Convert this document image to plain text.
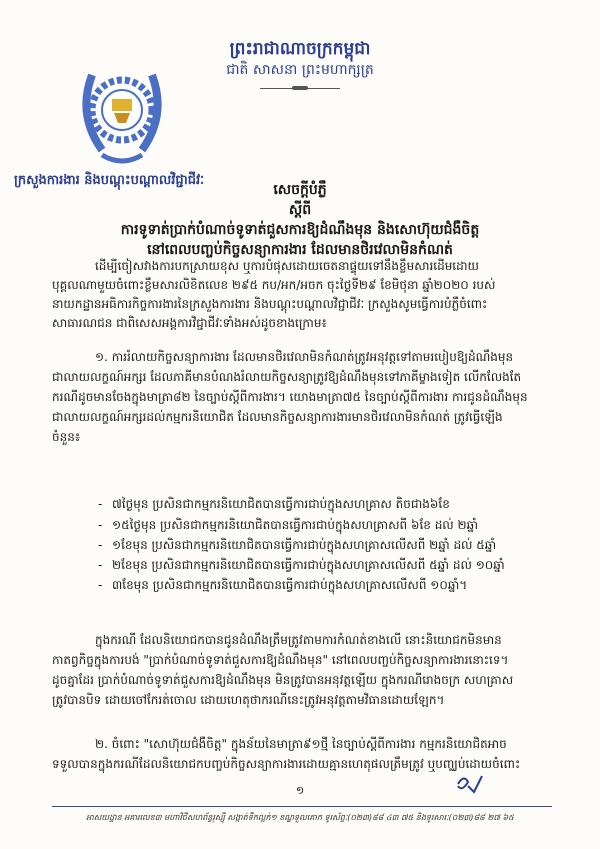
ព្រះរាជាណាចក្រកម្ពុជា
ជាតិ សាសនា ព្រះមហាក្សត្រ
ក្រសួងការងារ និងបណ្តុះបណ្តាលវិជ្ជាជីវៈ
សេចក្តីបំភ្លឺ
ស្តីពី
ការទូទាត់ប្រាក់បំណាច់ទូទាត់ជួសការឱ្យដំណឹងមុន និងសោហ៊ុយជំងឺចិត្ត
នៅពេលបញ្ចប់កិច្ចសន្យាការងារ ដែលមានថិរវេលាមិនកំណត់
ដើម្បីចៀសវាងការបកស្រាយខុស ឬការបំផុសដោយចេតនាផ្ទុយទៅនឹងខ្លឹមសារដើមដោយ
បុគ្គលណាមួយចំពោះខ្លឹមសារលិខិតលេខ ២៩៥ កប/អក/អចក ចុះថ្ងៃទី២៩ ខែមិថុនា ឆ្នាំ២០២០ របស់
នាយកដ្ឋានអធិការកិច្ចការងារនៃក្រសួងការងារ និងបណ្តុះបណ្តាលវិជ្ជាជីវៈ ក្រសួងសូមធ្វើការបំភ្លឺចំពោះ
សាធារណជន ជាពិសេសអង្គការវិជ្ជាជីវៈទាំងអស់ដូចខាងក្រោម៖
១. ការរំលាយកិច្ចសន្យាការងារ ដែលមានថិរវេលាមិនកំណត់ត្រូវអនុវត្តទៅតាមរបៀបឱ្យដំណឹងមុន
ជាលាយលក្ខណ៍អក្សរ ដែលភាគីមានបំណងរំលាយកិច្ចសន្យាត្រូវឱ្យដំណឹងមុនទៅភាគីម្ខាងទៀត លើកលែងតែ
ករណីដូចមានចែងក្នុងមាត្រា៨២ នៃច្បាប់ស្តីពីការងារ។ យោងមាត្រា៧៥ នៃច្បាប់ស្តីពីការងារ ការជូនដំណឹងមុន
ជាលាយលក្ខណ៍អក្សរដល់កម្មករនិយោជិត ដែលមានកិច្ចសន្យាការងារមានថិរវេលាមិនកំណត់ ត្រូវធ្វើឡើង
ចំនួន៖
- ៧ថ្ងៃមុន ប្រសិនជាកម្មករនិយោជិតបានធ្វើការជាប់ក្នុងសហគ្រាស តិចជាង៦ខែ
- ១៥ថ្ងៃមុន ប្រសិនជាកម្មករនិយោជិតបានធ្វើការជាប់ក្នុងសហគ្រាសពី ៦ខែ ដល់ ២ឆ្នាំ
- ១ខែមុន ប្រសិនជាកម្មករនិយោជិតបានធ្វើការជាប់ក្នុងសហគ្រាសលើសពី ២ឆ្នាំ ដល់ ៥ឆ្នាំ
- ២ខែមុន ប្រសិនជាកម្មករនិយោជិតបានធ្វើការជាប់ក្នុងសហគ្រាសលើសពី ៥ឆ្នាំ ដល់ ១០ឆ្នាំ
- ៣ខែមុន ប្រសិនជាកម្មករនិយោជិតបានធ្វើការជាប់ក្នុងសហគ្រាសលើសពី ១០ឆ្នាំ។
ក្នុងករណី ដែលនិយោជកបានជូនដំណឹងត្រឹមត្រូវតាមការកំណត់ខាងលើ នោះនិយោជកមិនមាន
កាតព្វកិច្ចក្នុងការបង់ "ប្រាក់បំណាច់ទូទាត់ជួសការឱ្យដំណឹងមុន" នៅពេលបញ្ចប់កិច្ចសន្យាការងារនោះទេ។
ដូចគ្នាដែរ ប្រាក់បំណាច់ទូទាត់ជួសការឱ្យដំណឹងមុន មិនត្រូវបានអនុវត្តឡើយ ក្នុងករណីរោងចក្រ សហគ្រាស
ត្រូវបានបិទ ដោយចៅកែរត់ចោល ដោយហេតុថាករណីនេះត្រូវអនុវត្តតាមវិធានដោយឡែក។
២. ចំពោះ "សោហ៊ុយជំងឺចិត្ត" ក្នុងន័យនៃមាត្រា៩១ថ្មី នៃច្បាប់ស្តីពីការងារ កម្មករនិយោជិតអាច
ទទួលបានក្នុងករណីដែលនិយោជកបញ្ចប់កិច្ចសន្យាការងារដោយគ្មានហេតុផលត្រឹមត្រូវ ឬបញ្ឈប់ដោយចំពោះ
១
អាសយដ្ឋាន អគារលេខ៣ មហាវិថីសហព័ន្ធរុស្ស៊ី សង្កាត់ទឹកល្អក់១ ខណ្ឌទួលគោក ទូរស័ព្ទៈ(០២៣)៨៨ ៤៣ ៧៥ និងទូរសារៈ(០២៣)៨៨ ២៧ ៦៥
